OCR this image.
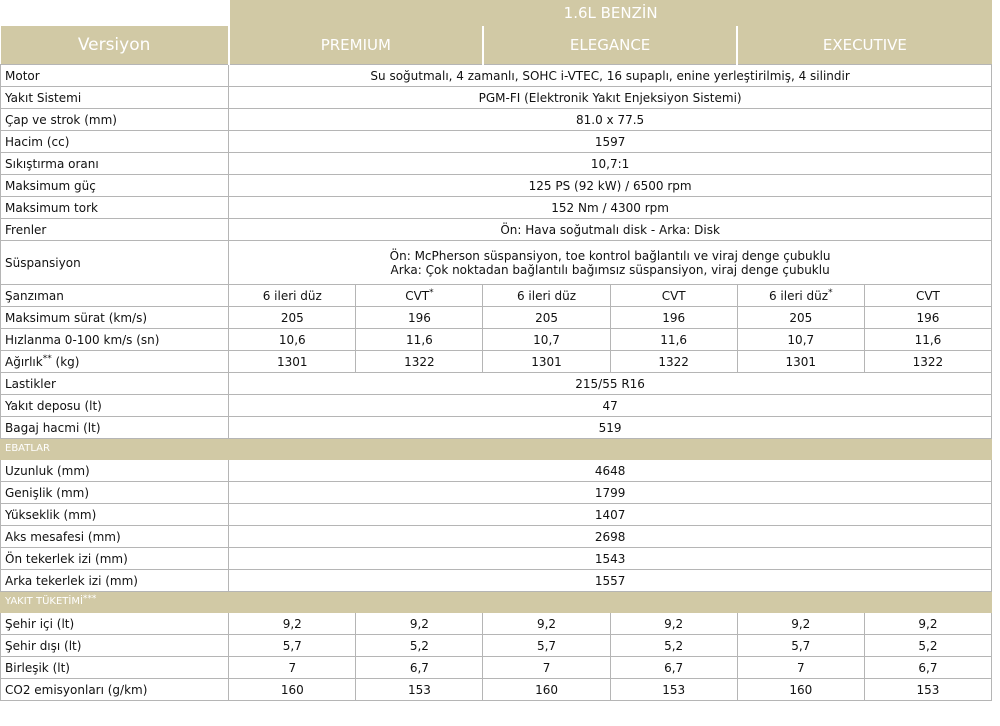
	1.6L BENZİN					
Versiyon	PREMIUM		ELEGANCE		EXECUTIVE	
Motor	Su soğutmalı, 4 zamanlı, SOHC i-VTEC, 16 supaplı, enine yerleştirilmiş, 4 silindir					
Yakıt Sistemi	PGM-FI (Elektronik Yakıt Enjeksiyon Sistemi)					
Çap ve strok (mm)	81.0 x 77.5					
Hacim (cc)	1597					
Sıkıştırma oranı	10,7:1					
Maksimum güç	125 PS (92 kW) / 6500 rpm					
Maksimum tork	152 Nm / 4300 rpm					
Frenler	Ön: Hava soğutmalı disk - Arka: Disk					
Süspansiyon	Ön: McPherson süspansiyon, toe kontrol bağlantılı ve viraj denge çubuklu
Arka: Çok noktadan bağlantılı bağımsız süspansiyon, viraj denge çubuklu					

Şanzıman	6 ileri düz	CVT*	6 ileri düz	CVT	6 ileri düz*	CVT
Maksimum sürat (km/s)	205	196	205	196	205	196
Hızlanma 0-100 km/s (sn)	10,6	11,6	10,7	11,6	10,7	11,6
Ağırlık** (kg)	1301	1322	1301	1322	1301	1322
Lastikler	215/55 R16					
Yakıt deposu (lt)	47					
Bagaj hacmi (lt)	519					
EBATLAR						
Uzunluk (mm)	4648					
Genişlik (mm)	1799					
Yükseklik (mm)	1407					
Aks mesafesi (mm)	2698					
Ön tekerlek izi (mm)	1543					
Arka tekerlek izi (mm)	1557					
YAKIT TÜKETİMİ***						
Şehir içi (lt)	9,2	9,2	9,2	9,2	9,2	9,2
Şehir dışı (lt)	5,7	5,2	5,7	5,2	5,7	5,2
Birleşik (lt)	7	6,7	7	6,7	7	6,7
CO2 emisyonları (g/km)	160	153	160	153	160	153
